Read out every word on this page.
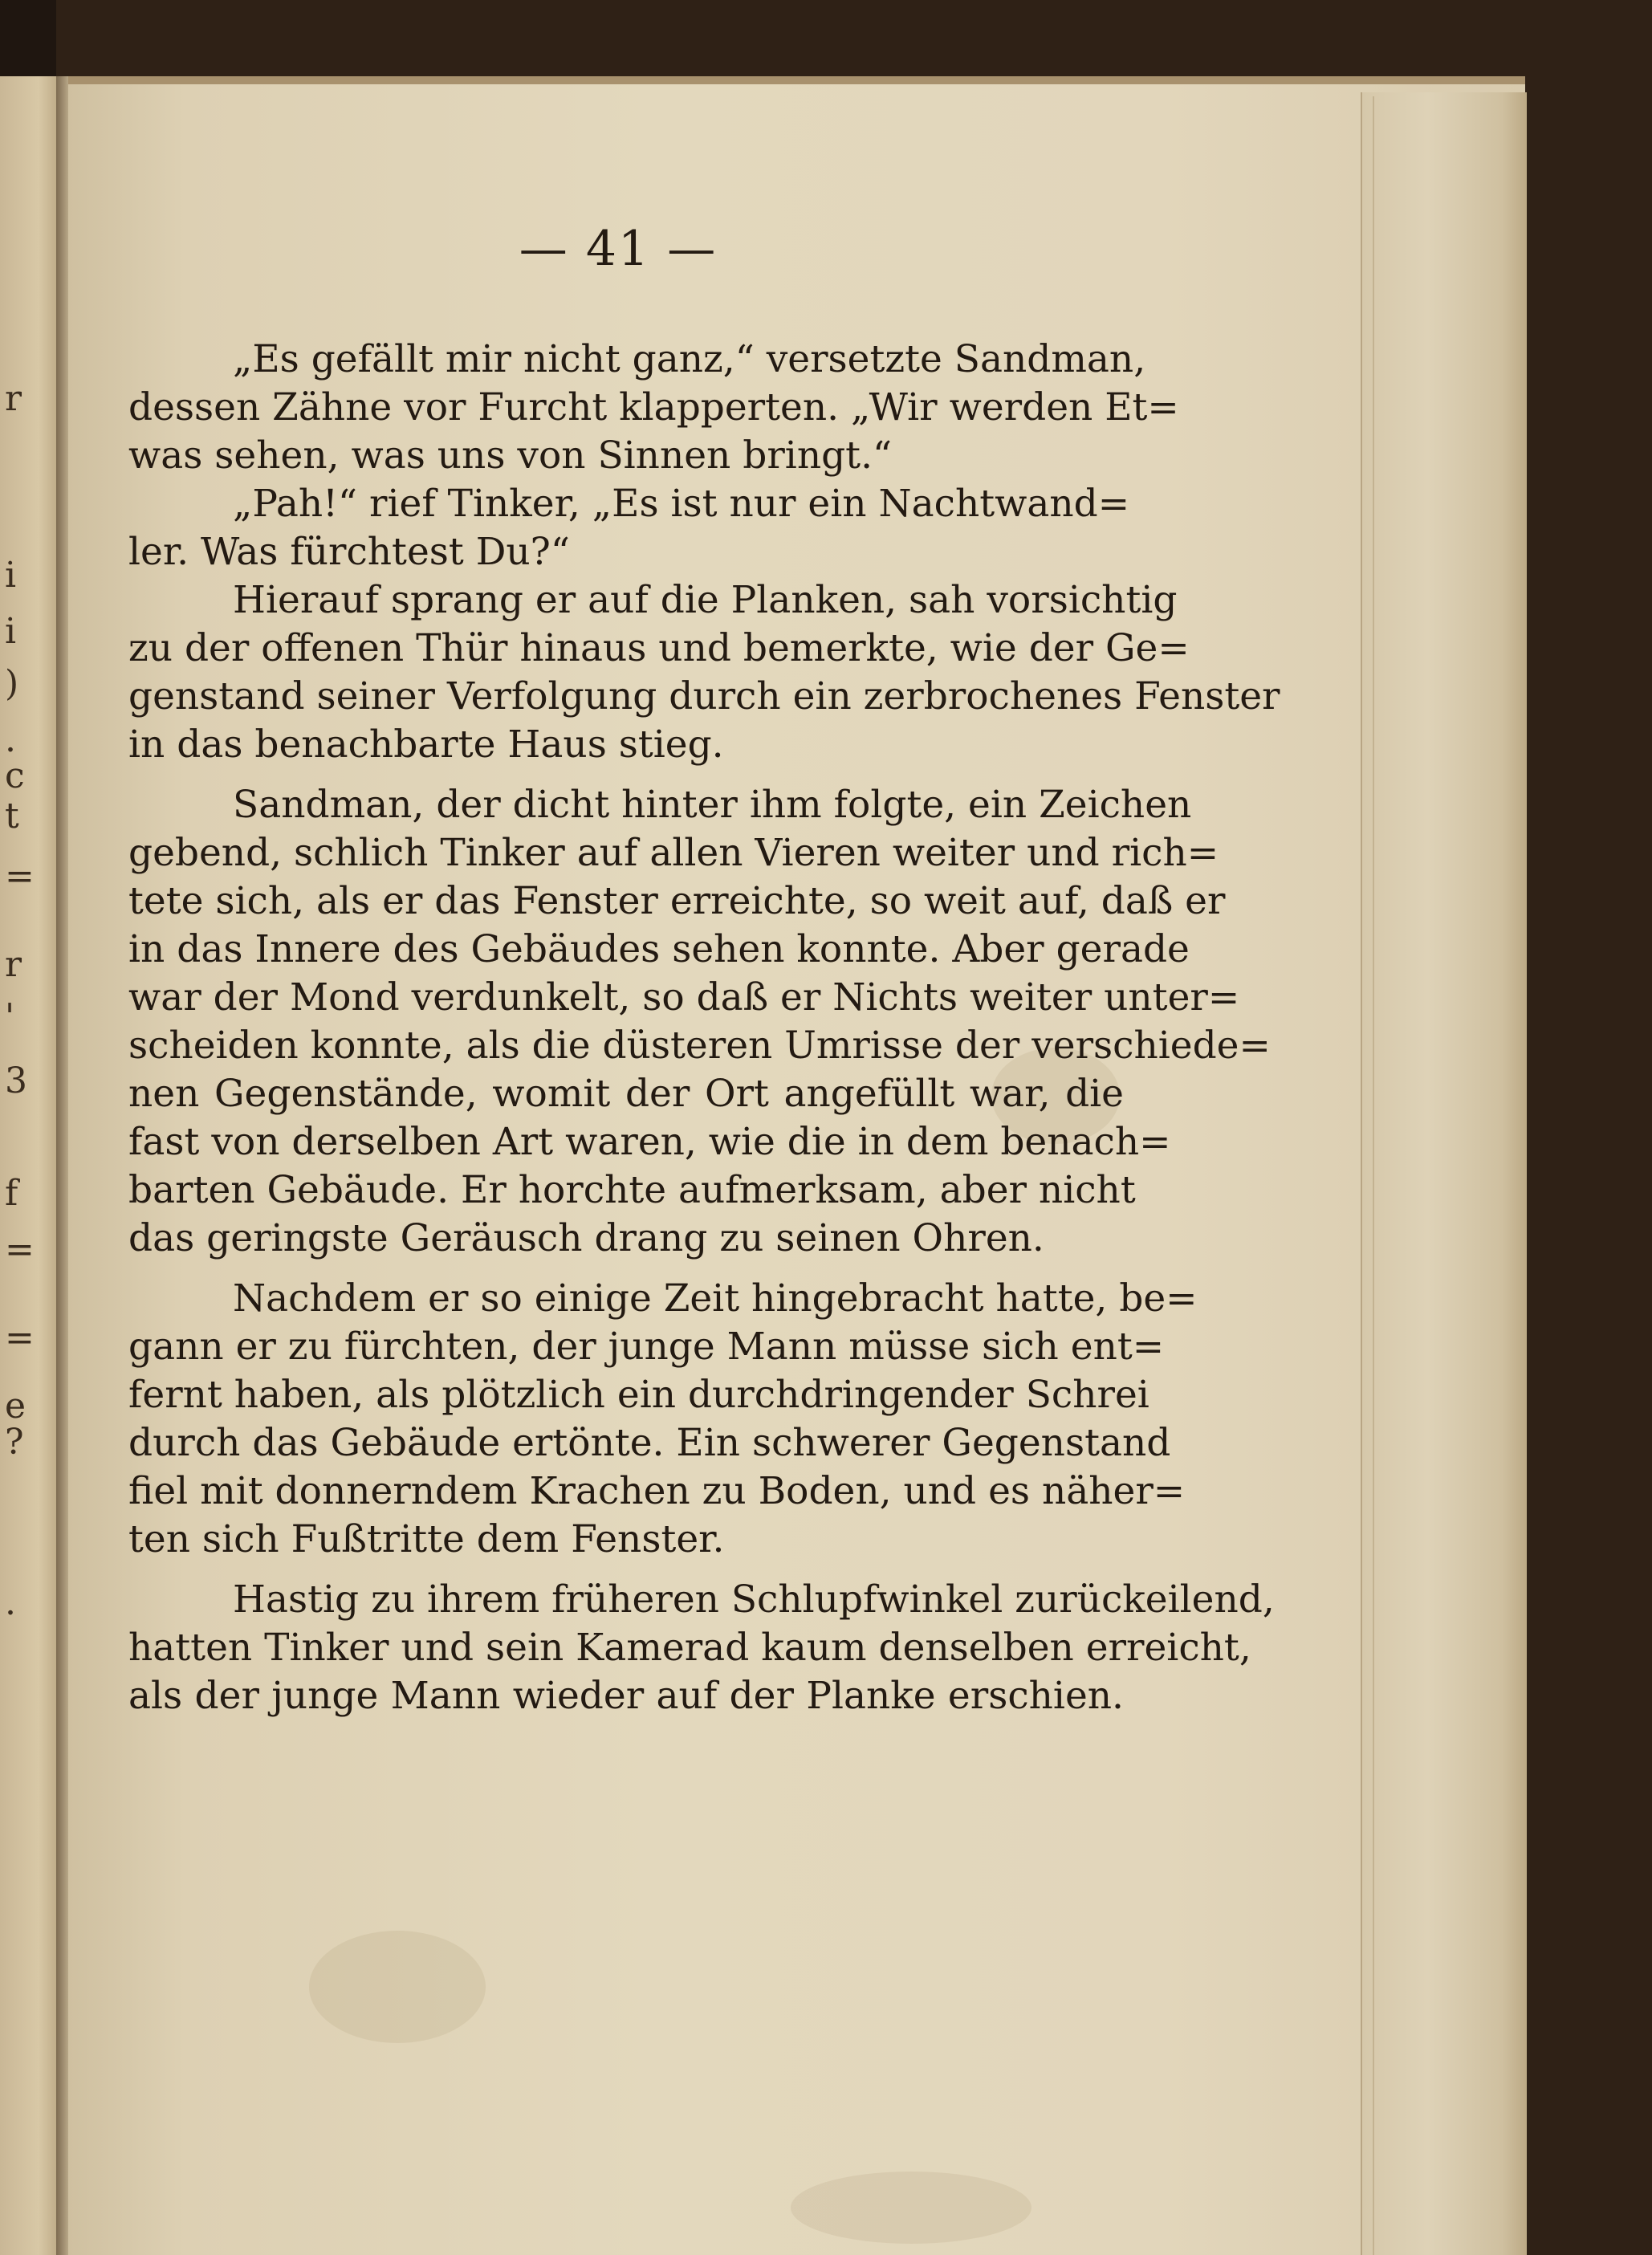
r
i
i
)
.
c
t
=
r
'
3
f
=
=
e
?
.
— 41 —
„Es gefällt mir nicht ganz,“ versetzte Sandman,
dessen Zähne vor Furcht klapperten. „Wir werden Et=
was sehen, was uns von Sinnen bringt.“
„Pah!“ rief Tinker, „Es ist nur ein Nachtwand=
ler. Was fürchtest Du?“
Hierauf sprang er auf die Planken, sah vorsichtig
zu der offenen Thür hinaus und bemerkte, wie der Ge=
genstand seiner Verfolgung durch ein zerbrochenes Fenster
in das benachbarte Haus stieg.
Sandman, der dicht hinter ihm folgte, ein Zeichen
gebend, schlich Tinker auf allen Vieren weiter und rich=
tete sich, als er das Fenster erreichte, so weit auf, daß er
in das Innere des Gebäudes sehen konnte. Aber gerade
war der Mond verdunkelt, so daß er Nichts weiter unter=
scheiden konnte, als die düsteren Umrisse der verschiede=
nen Gegenstände, womit der Ort angefüllt war, die
fast von derselben Art waren, wie die in dem benach=
barten Gebäude. Er horchte aufmerksam, aber nicht
das geringste Geräusch drang zu seinen Ohren.
Nachdem er so einige Zeit hingebracht hatte, be=
gann er zu fürchten, der junge Mann müsse sich ent=
fernt haben, als plötzlich ein durchdringender Schrei
durch das Gebäude ertönte. Ein schwerer Gegenstand
fiel mit donnerndem Krachen zu Boden, und es näher=
ten sich Fußtritte dem Fenster.
Hastig zu ihrem früheren Schlupfwinkel zurückeilend,
hatten Tinker und sein Kamerad kaum denselben erreicht,
als der junge Mann wieder auf der Planke erschien.
